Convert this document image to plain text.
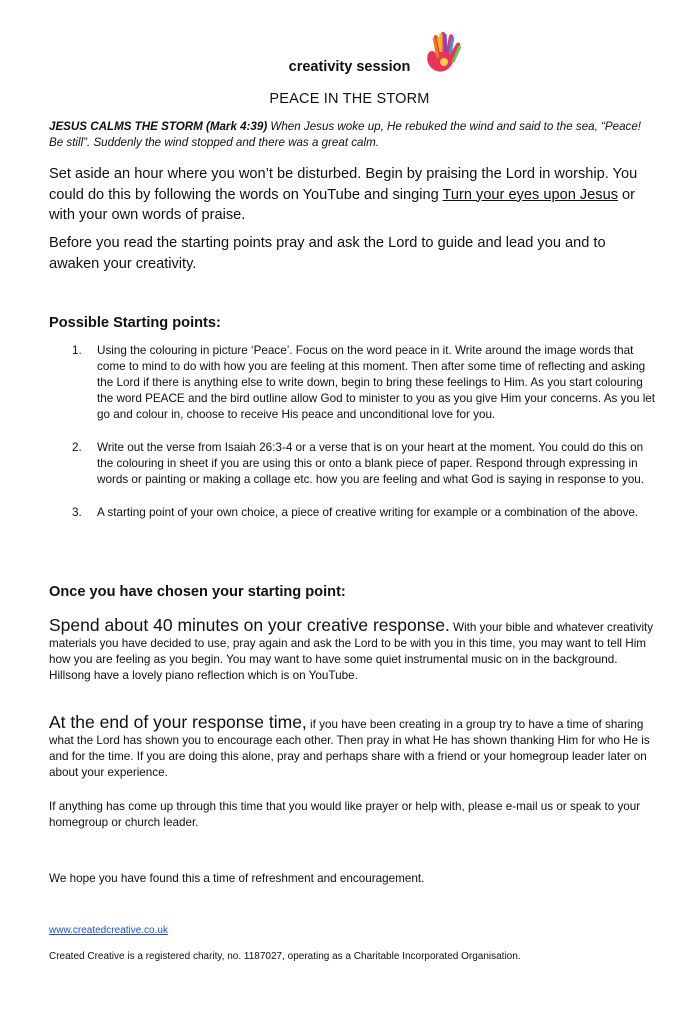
creativity session
PEACE IN THE STORM
JESUS CALMS THE STORM (Mark 4:39) When Jesus woke up, He rebuked the wind and said to the sea, “Peace! Be still”. Suddenly the wind stopped and there was a great calm.
Set aside an hour where you won’t be disturbed. Begin by praising the Lord in worship. You could do this by following the words on YouTube and singing Turn your eyes upon Jesus or with your own words of praise.
Before you read the starting points pray and ask the Lord to guide and lead you and to awaken your creativity.
Possible Starting points:
1. Using the colouring in picture ‘Peace’. Focus on the word peace in it. Write around the image words that come to mind to do with how you are feeling at this moment. Then after some time of reflecting and asking the Lord if there is anything else to write down, begin to bring these feelings to Him. As you start colouring the word PEACE and the bird outline allow God to minister to you as you give Him your concerns. As you let go and colour in, choose to receive His peace and unconditional love for you.
2. Write out the verse from Isaiah 26:3-4 or a verse that is on your heart at the moment. You could do this on the colouring in sheet if you are using this or onto a blank piece of paper. Respond through expressing in words or painting or making a collage etc. how you are feeling and what God is saying in response to you.
3. A starting point of your own choice, a piece of creative writing for example or a combination of the above.
Once you have chosen your starting point:
Spend about 40 minutes on your creative response. With your bible and whatever creativity materials you have decided to use, pray again and ask the Lord to be with you in this time, you may want to tell Him how you are feeling as you begin. You may want to have some quiet instrumental music on in the background. Hillsong have a lovely piano reflection which is on YouTube.
At the end of your response time, if you have been creating in a group try to have a time of sharing what the Lord has shown you to encourage each other. Then pray in what He has shown thanking Him for who He is and for the time. If you are doing this alone, pray and perhaps share with a friend or your homegroup leader later on about your experience.
If anything has come up through this time that you would like prayer or help with, please e-mail us or speak to your homegroup or church leader.
We hope you have found this a time of refreshment and encouragement.
www.createdcreative.co.uk
Created Creative is a registered charity, no. 1187027, operating as a Charitable Incorporated Organisation.
